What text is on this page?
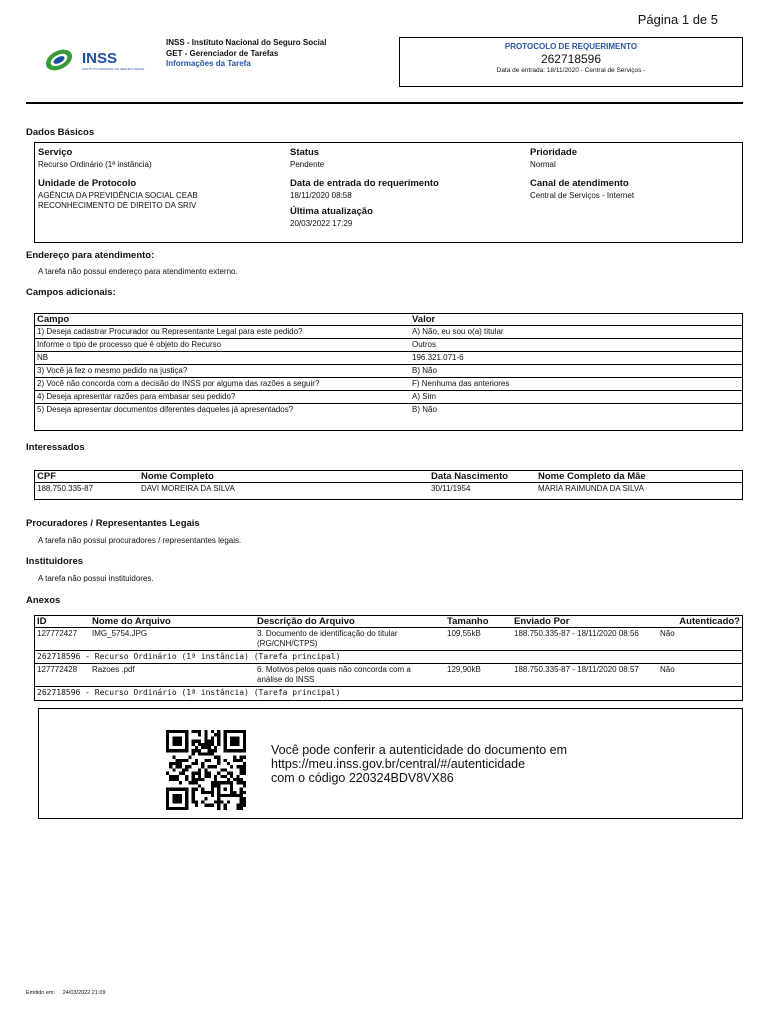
Página 1 de 5
INSS
INSTITUTO NACIONAL DO SEGURO SOCIAL
INSS - Instituto Nacional do Seguro Social
GET - Gerenciador de Tarefas
Informações da Tarefa
PROTOCOLO DE REQUERIMENTO
262718596
Data de entrada: 18/11/2020 - Central de Serviços -
Dados Básicos
Serviço
Recurso Ordinário (1ª instância)
Status
Pendente
Prioridade
Normal
Unidade de Protocolo
AGÊNCIA DA PREVIDÊNCIA SOCIAL CEAB
RECONHECIMENTO DE DIREITO DA SRIV
Data de entrada do requerimento
18/11/2020 08:58
Canal de atendimento
Central de Serviços - Internet
Última atualização
20/03/2022 17:29
Endereço para atendimento:
A tarefa não possui endereço para atendimento externo.
Campos adicionais:
Campo	Valor
1) Deseja cadastrar Procurador ou Representante Legal para este pedido?	A) Não, eu sou o(a) titular
Informe o tipo de processo que é objeto do Recurso	Outros
NB	196.321.071-6
3) Você já fez o mesmo pedido na justiça?	B) Não
2) Você não concorda com a decisão do INSS por alguma das razões a seguir?	F) Nenhuma das anteriores
4) Deseja apresentar razões para embasar seu pedido?	A) Sim
5) Deseja apresentar documentos diferentes daqueles já apresentados?	B) Não
Interessados
CPF	Nome Completo	Data Nascimento	Nome Completo da Mãe
188.750.335-87	DAVI MOREIRA DA SILVA	30/11/1954	MARIA RAIMUNDA DA SILVA
Procuradores / Representantes Legais
A tarefa não possui procuradores / representantes legais.
Instituidores
A tarefa não possui instituidores.
Anexos
ID	Nome do Arquivo	Descrição do Arquivo	Tamanho	Enviado Por	Autenticado?
127772427	IMG_5754.JPG	3. Documento de identificação do titular
(RG/CNH/CTPS)	109,55kB	188.750.335-87 - 18/11/2020 08:56	Não
262718596 - Recurso Ordinário (1ª instância) (Tarefa principal)					
127772428	Razoes .pdf	6. Motivos pelos quais não concorda com a
análise do INSS	129,90kB	188.750.335-87 - 18/11/2020 08:57	Não
262718596 - Recurso Ordinário (1ª instância) (Tarefa principal)					
Você pode conferir a autenticidade do documento em
https://meu.inss.gov.br/central/#/autenticidade
com o código 220324BDV8VX86
Emitido em: 24/03/2022 21:09
